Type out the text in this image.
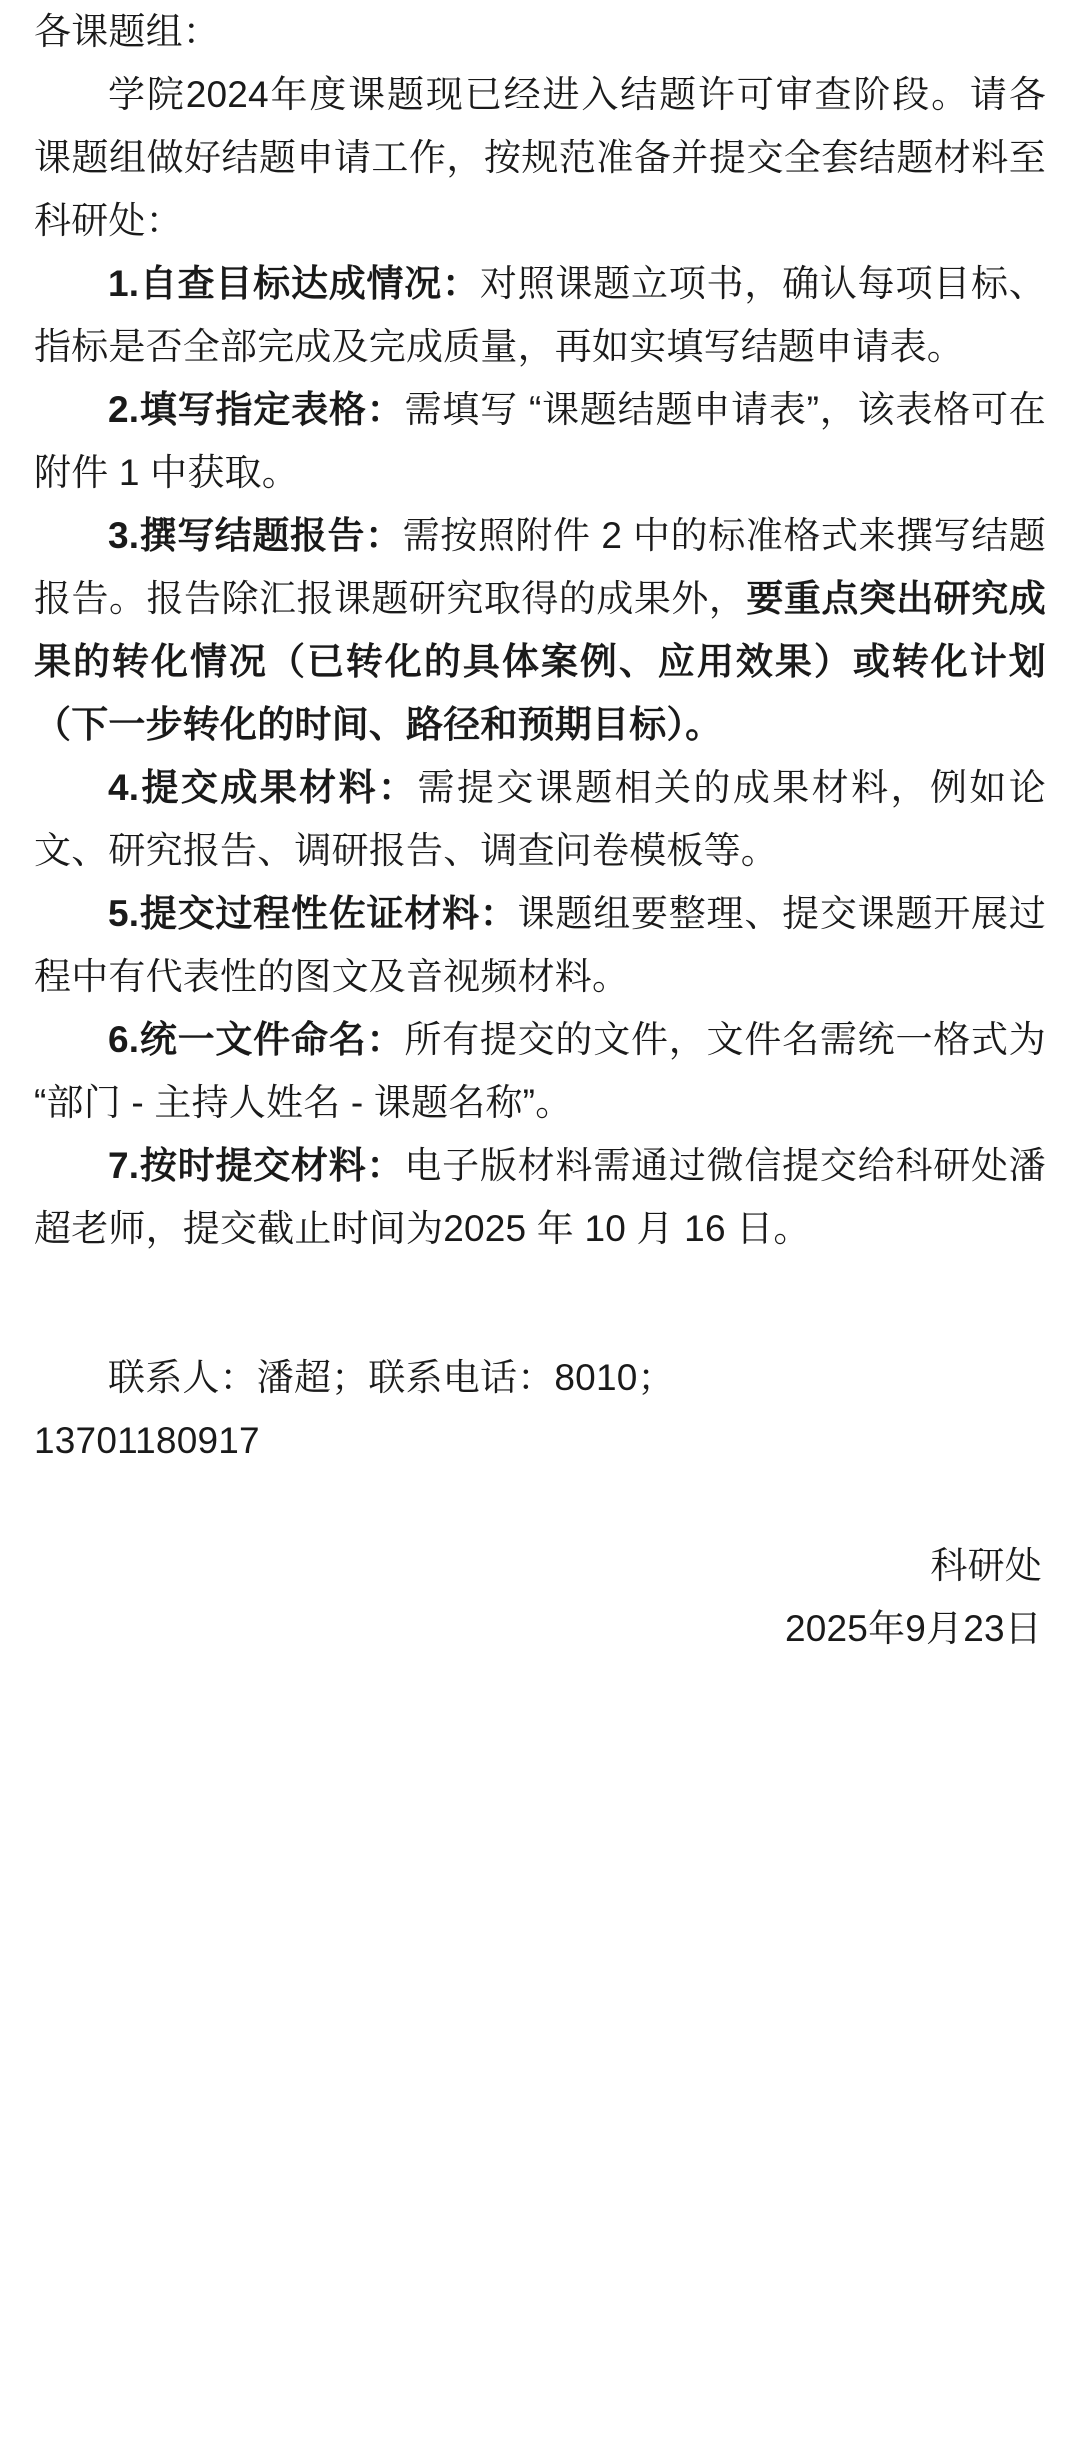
各课题组：

学院2024年度课题现已经进入结题许可审查阶段。请各课题组做好结题申请工作，按规范准备并提交全套结题材料至科研处：

1.自查目标达成情况：对照课题立项书，确认每项目标、指标是否全部完成及完成质量，再如实填写结题申请表。

2.填写指定表格：需填写 “课题结题申请表”，该表格可在附件 1 中获取。

3.撰写结题报告：需按照附件 2 中的标准格式来撰写结题报告。报告除汇报课题研究取得的成果外，要重点突出研究成果的转化情况（已转化的具体案例、应用效果）或转化计划（下一步转化的时间、路径和预期目标）。

4.提交成果材料：需提交课题相关的成果材料，例如论文、研究报告、调研报告、调查问卷模板等。

5.提交过程性佐证材料：课题组要整理、提交课题开展过程中有代表性的图文及音视频材料。

6.统一文件命名：所有提交的文件，文件名需统一格式为 “部门 - 主持人姓名 - 课题名称”。

7.按时提交材料：电子版材料需通过微信提交给科研处潘超老师，提交截止时间为2025 年 10 月 16 日。

联系人：潘超；联系电话：8010；

13701180917

科研处

2025年9月23日
